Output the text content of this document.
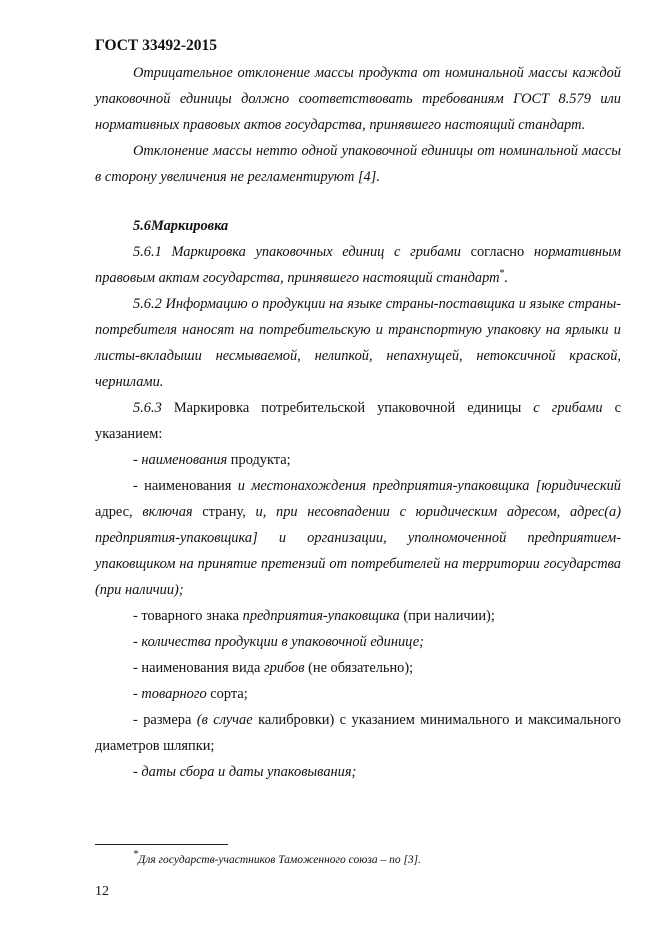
ГОСТ 33492-2015

Отрицательное отклонение массы продукта от номинальной массы каждой упаковочной единицы должно соответствовать требованиям ГОСТ 8.579 или нормативных правовых актов государства, принявшего настоящий стандарт.

Отклонение массы нетто одной упаковочной единицы от номинальной массы в сторону увеличения не регламентируют [4].

5.6Маркировка

5.6.1 Маркировка упаковочных единиц с грибами согласно нормативным правовым актам государства, принявшего настоящий стандарт*.

5.6.2 Информацию о продукции на языке страны-поставщика и языке страны-потребителя наносят на потребительскую и транспортную упаковку на ярлыки и листы-вкладыши несмываемой, нелипкой, непахнущей, нетоксичной краской, чернилами.

5.6.3 Маркировка потребительской упаковочной единицы с грибами с указанием:

- наименования продукта;

- наименования и местонахождения предприятия-упаковщика [юридический адрес, включая страну, и, при несовпадении с юридическим адресом, адрес(а) предприятия-упаковщика] и организации, уполномоченной предприятием-упаковщиком на принятие претензий от потребителей на территории государства (при наличии);

- товарного знака предприятия-упаковщика (при наличии);

- количества продукции в упаковочной единице;

- наименования вида грибов (не обязательно);

- товарного сорта;

- размера (в случае калибровки) с указанием минимального и максимального диаметров шляпки;

- даты сбора и даты упаковывания;

*Для государств-участников Таможенного союза – по [3].
12
